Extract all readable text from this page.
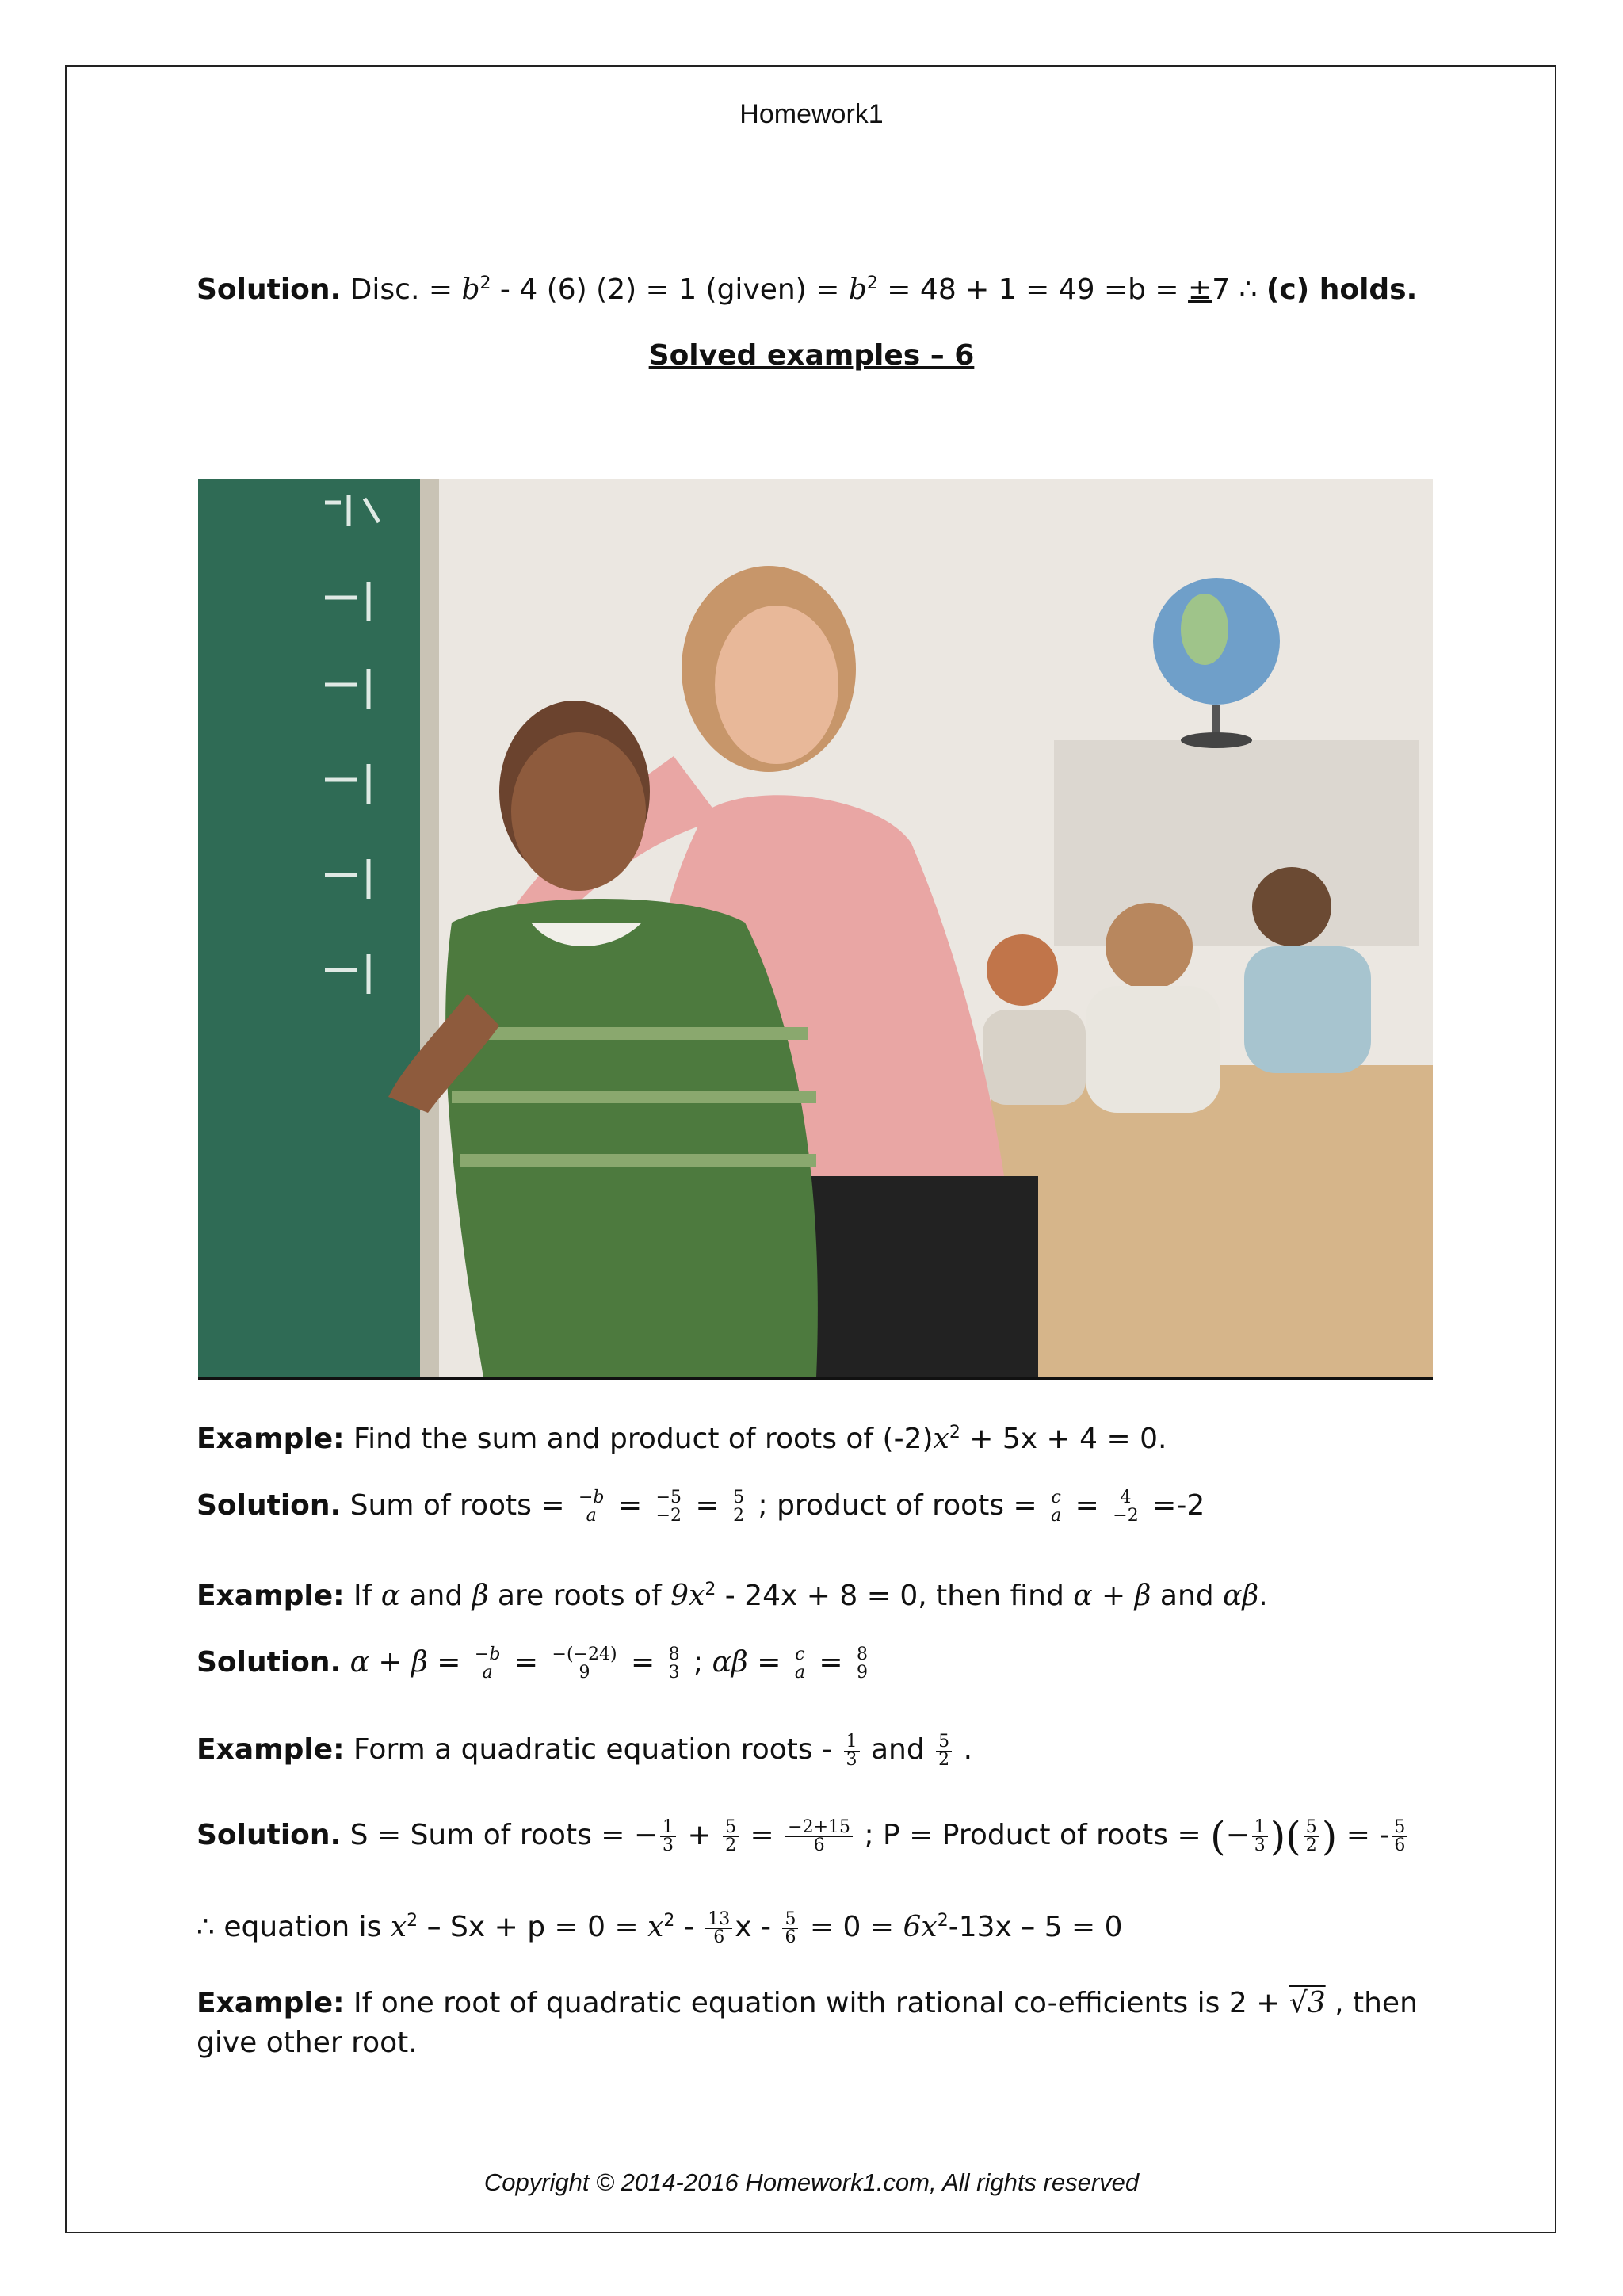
Homework1
Solution. Disc. = $b^2 - 4$ (6) (2) = 1 (given) = $b^2 = 48 + 1 = 49 =b = \pm 7$ ∴ (c) holds.
Solved examples – 6
Example: Find the sum and product of roots of $(-2)x^2 + 5x + 4 = 0$.
Solution. Sum of roots = $\frac{-b}{a} = \frac{-5}{-2} = \frac{5}{2}$ ; product of roots = $\frac{c}{a} = \frac{4}{-2} =-2$
Example: If α and β are roots of $9x^2 - 24x + 8 = 0$, then find α + β and αβ.
Solution. $\alpha + \beta = \frac{-b}{a} = \frac{-(-24)}{9} = \frac{8}{3}$ ; $\alpha\beta = \frac{c}{a} = \frac{8}{9}$
Example: Form a quadratic equation roots - $\frac{1}{3}$ and $\frac{5}{2}$ .
Solution. S = Sum of roots = − $\frac{1}{3} + \frac{5}{2} = \frac{-2+15}{6}$ ; P = Product of roots = (− $\frac{1}{3}$ )( $\frac{5}{2}$ ) = - $\frac{5}{6}$
∴ equation is $x^2 - Sx + p = 0 = x^2 - \frac{13}{6}$ $x - \frac{5}{6} = 0 = 6x^2-13x - 5 = 0$
Example: If one root of quadratic equation with rational co-efficients is 2 + √3 , then
give other root.
Copyright © 2014-2016 Homework1.com, All rights reserved
